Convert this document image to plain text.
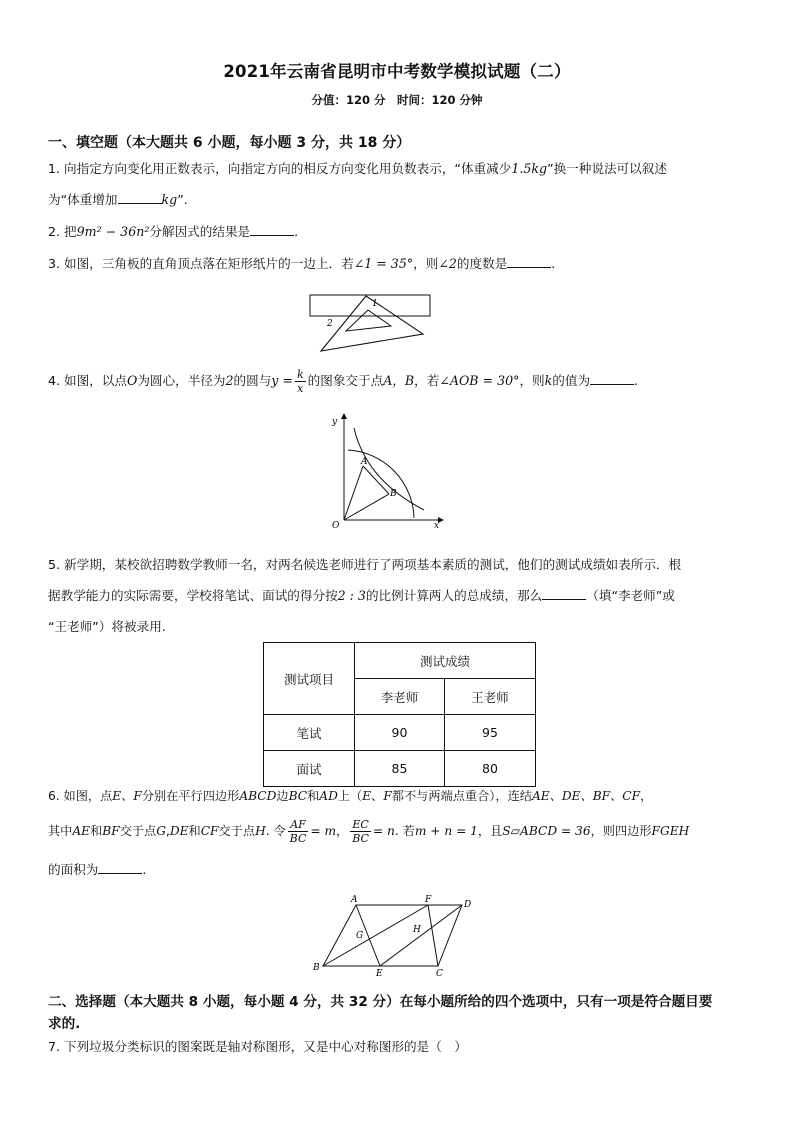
2021年云南省昆明市中考数学模拟试题（二）
分值：120 分　时间：120 分钟
一、填空题（本大题共 6 小题，每小题 3 分，共 18 分）
1. 向指定方向变化用正数表示，向指定方向的相反方向变化用负数表示，“体重减少1.5kg”换一种说法可以叙述
为“体重增加	kg”.
2. 把9m² − 36n²分解因式的结果是	.
3. 如图，三角板的直角顶点落在矩形纸片的一边上．若∠1 = 35°，则∠2的度数是	.
1
2
4. 如图，以点O为圆心，半径为2的圆与$y = \frac{k}{x}$ 的图象交于点A，B，若∠AOB = 30°，则k的值为	.
y
x
O
A
B
5. 新学期，某校欲招聘数学教师一名，对两名候选老师进行了两项基本素质的测试，他们的测试成绩如表所示．根
据教学能力的实际需要，学校将笔试、面试的得分按2 : 3的比例计算两人的总成绩，那么	（填“李老师”或
“王老师”）将被录用.
测试项目	测试成绩	
	李老师	王老师
笔试	90	95
面试	85	80
6. 如图，点E、F分别在平行四边形ABCD边BC和AD上（E、F都不与两端点重合），连结AE、DE、BF、CF，
其中AE和BF交于点G,DE和CF交于点H. 令 $\frac{AF}{BC} = m$， $\frac{EC}{BC} = n$. 若m + n = 1，且S▱ABCD = 36，则四边形FGEH
的面积为	.
A	F	D
G
H
B
E	C
二、选择题（本大题共 8 小题，每小题 4 分，共 32 分）在每小题所给的四个选项中，只有一项是符合题目要
求的.
7. 下列垃圾分类标识的图案既是轴对称图形，又是中心对称图形的是（　）
